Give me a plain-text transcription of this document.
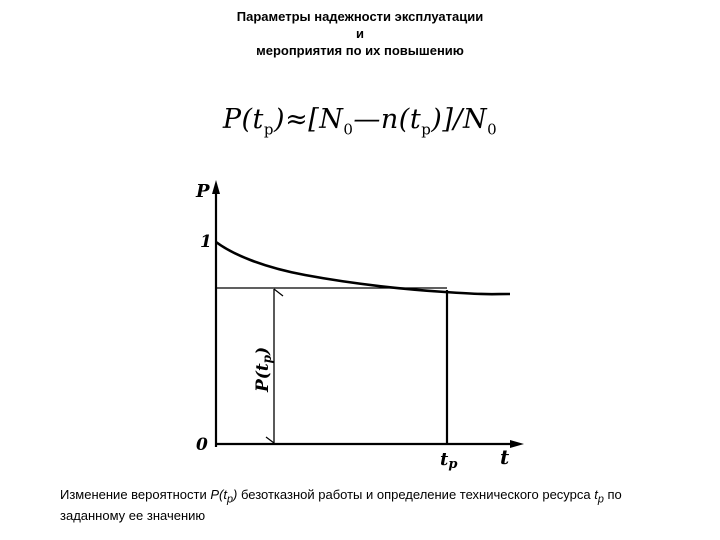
Параметры надежности эксплуатации
и
мероприятия по их повышению
$P(t_р)\approx[N_0—n(t_р)]/N_0$
P
1
0	t
tp
P(tp)
Изменение вероятности $P(t_р)$ безотказной работы и определение технического ресурса $t_р$ по заданному ее значению
